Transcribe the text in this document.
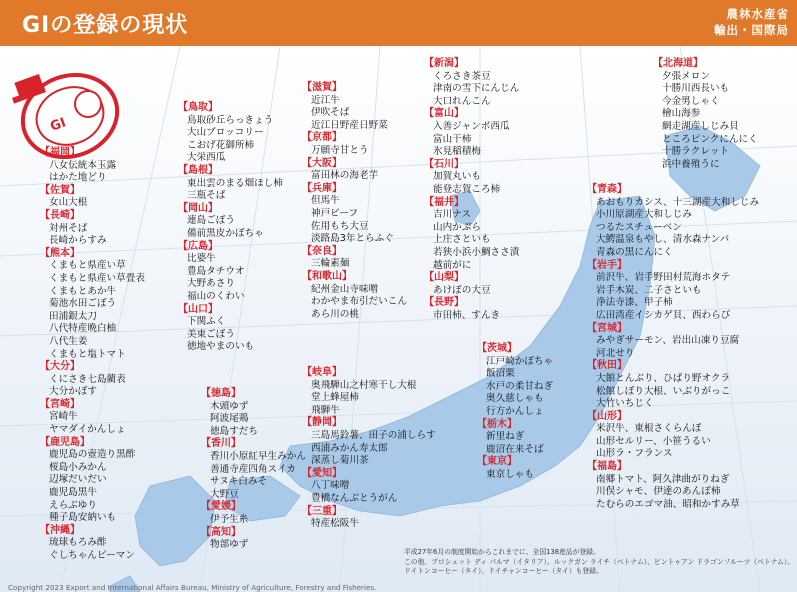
GIの登録の現状	農林水産省
輸出・国際局
GI
【福岡】
八女伝統本玉露
はかた地どり
【佐賀】
女山大根
【長崎】
対州そば
長崎からすみ
【熊本】
くまもと県産い草
くまもと県産い草畳表
くまもとあか牛
菊池水田ごぼう
田浦銀太刀
八代特産晩白柚
八代生姜
くまもと塩トマト
【大分】
くにさき七島藺表
大分かぼす
【宮崎】
宮崎牛
ヤマダイかんしょ
【鹿児島】
鹿児島の壺造り黒酢
桜島小みかん
辺塚だいだい
鹿児島黒牛
えらぶゆり
種子島安納いも
【沖縄】
琉球もろみ酢
ぐしちゃんピーマン
【鳥取】
鳥取砂丘らっきょう
大山ブロッコリー
こおげ花御所柿
大栄西瓜
【島根】
東出雲のまる畑ほし柿
三瓶そば
【岡山】
連島ごぼう
備前黒皮かぼちゃ
【広島】
比婆牛
豊島タチウオ
大野あさり
福山のくわい
【山口】
下関ふく
美東ごぼう
徳地やまのいも
【徳島】
木頭ゆず
阿波尾鶏
徳島すだち
【香川】
香川小原紅早生みかん
善通寺産四角スイカ
サヌキ白みそ
大野豆
【愛媛】
伊予生糸
【高知】
物部ゆず
【滋賀】
近江牛
伊吹そば
近江日野産日野菜
【京都】
万願寺甘とう
【大阪】
富田林の海老芋
【兵庫】
但馬牛
神戸ビーフ
佐用もち大豆
淡路島3年とらふぐ
【奈良】
三輪素麺
【和歌山】
紀州金山寺味噌
わかやま布引だいこん
あら川の桃
【岐阜】
奥飛騨山之村寒干し大根
堂上蜂屋柿
飛騨牛
【静岡】
三島馬鈴薯、田子の浦しらす
西浦みかん寿太郎
深蒸し菊川茶
【愛知】
八丁味噌
豊橋なんぶとうがん
【三重】
特産松阪牛
【新潟】
くろさき茶豆
津南の雪下にんじん
大口れんこん
【富山】
入善ジャンボ西瓜
富山干柿
氷見稲積梅
【石川】
加賀丸いも
能登志賀ころ柿
【福井】
吉川ナス
山内かぶら
上庄さといも
若狭小浜小鯛ささ漬
越前がに
【山梨】
あけぼの大豆
【長野】
市田柿、すんき
【茨城】
江戸崎かぼちゃ
飯沼栗
水戸の柔甘ねぎ
奥久慈しゃも
行方かんしょ
【栃木】
新里ねぎ
鹿沼在来そば
【東京】
東京しゃも
【北海道】
夕張メロン
十勝川西長いも
今金男しゃく
檜山海参
網走湖産しじみ貝
ところピンクにんにく
十勝ラクレット
浜中養殖うに
【青森】
あおもりカシス、十三湖産大和しじみ
小川原湖産大和しじみ
つるたスチューベン
大鰐温泉もやし、清水森ナンバ
青森の黒にんにく
【岩手】
前沢牛、岩手野田村荒海ホタテ
岩手木炭、二子さといも
浄法寺漆、甲子柿
広田湾産イシカゲ貝、西わらび
【宮城】
みやぎサーモン、岩出山凍り豆腐
河北せり
【秋田】
大館とんぶり、ひばり野オクラ
松館しぼり大根、いぶりがっこ
大竹いちじく
【山形】
米沢牛、東根さくらんぼ
山形セルリー、小笹うるい
山形ラ・フランス
【福島】
南郷トマト、阿久津曲がりねぎ
川俣シャモ、伊達のあんぽ柿
たむらのエゴマ油、昭和かすみ草
平成27年6月の制度開始からこれまでに、全国138産品が登録。
この他、プロシュット ディ パルマ（イタリア）、ルックガン ライチ（ベトナム）、ビントゥアン ドラゴンフルーツ（ベトナム）、
ドイトンコーヒー（タイ）、ドイチャンコーヒー（タイ）も登録。
Copyright 2023 Export and International Affairs Bureau, Ministry of Agriculture, Forestry and Fisheries.
